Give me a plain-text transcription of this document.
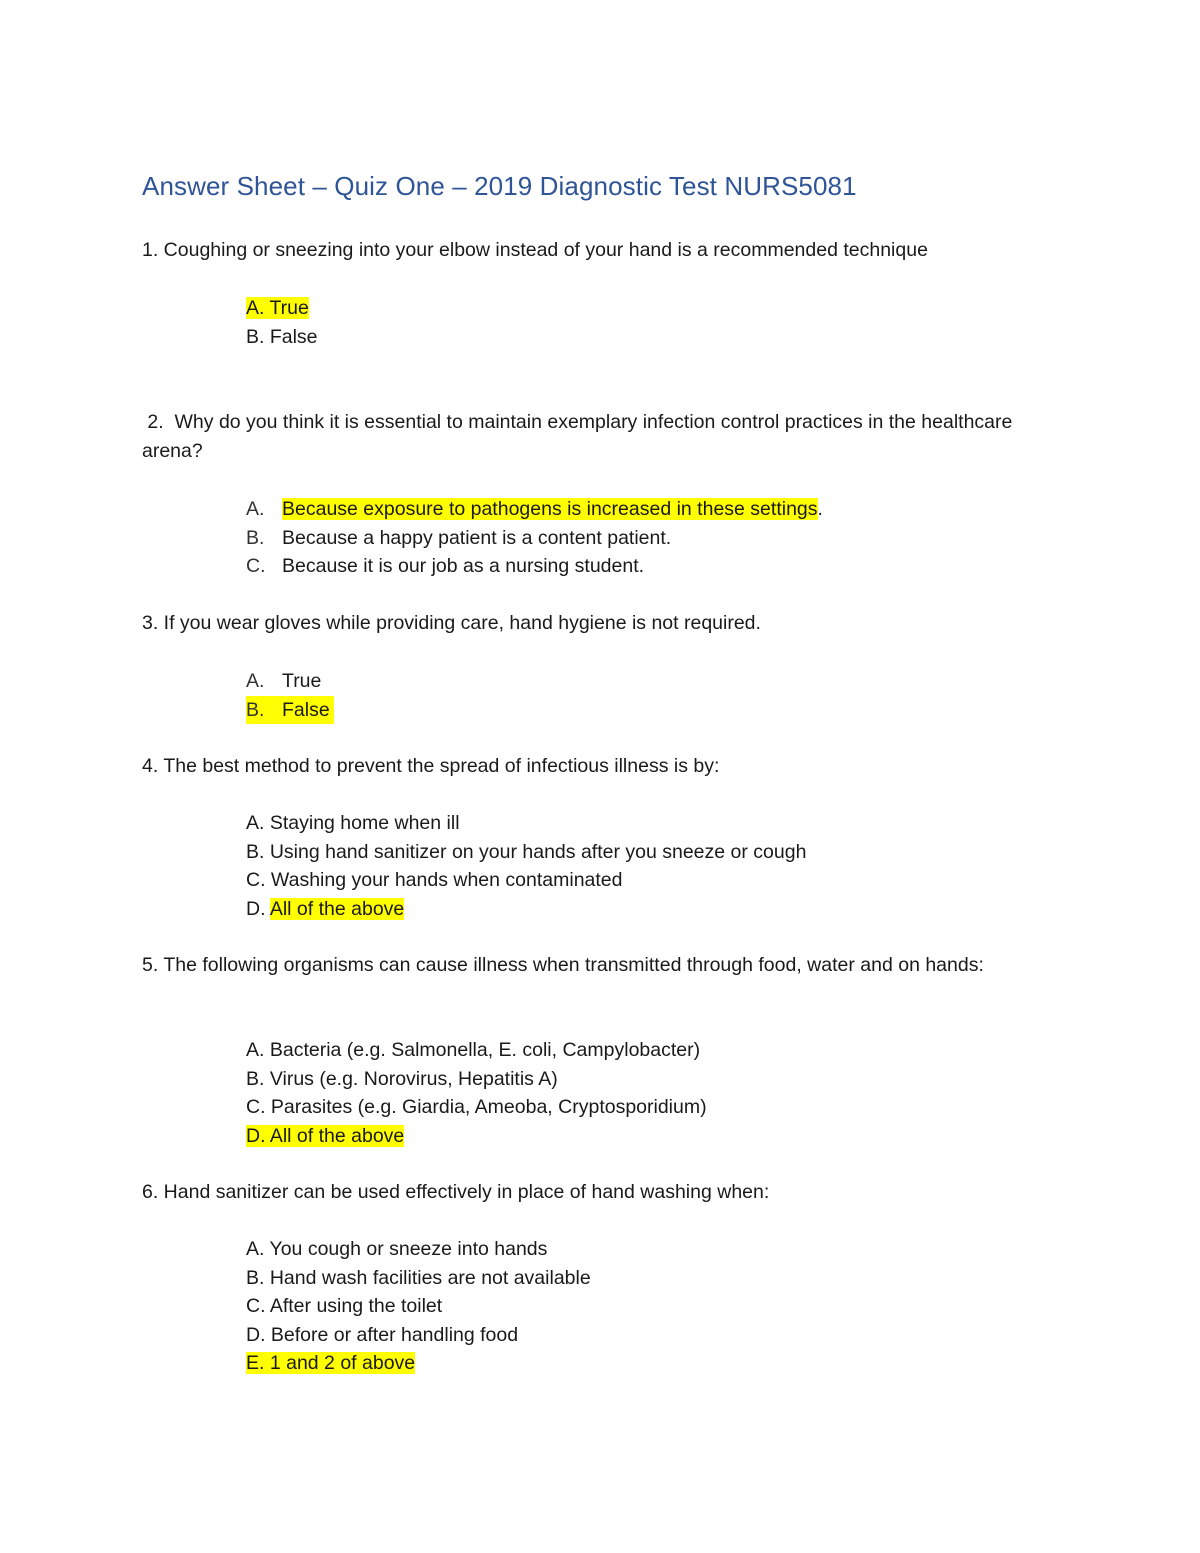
Answer Sheet – Quiz One – 2019 Diagnostic Test NURS5081

1. Coughing or sneezing into your elbow instead of your hand is a recommended technique

A. True
B. False

2.  Why do you think it is essential to maintain exemplary infection control practices in the healthcare arena?

A. Because exposure to pathogens is increased in these settings.
B. Because a happy patient is a content patient.
C. Because it is our job as a nursing student.

3. If you wear gloves while providing care, hand hygiene is not required.

A. True
B. False

4. The best method to prevent the spread of infectious illness is by:

A. Staying home when ill
B. Using hand sanitizer on your hands after you sneeze or cough
C. Washing your hands when contaminated
D. All of the above

5. The following organisms can cause illness when transmitted through food, water and on hands:

A. Bacteria (e.g. Salmonella, E. coli, Campylobacter)
B. Virus (e.g. Norovirus, Hepatitis A)
C. Parasites (e.g. Giardia, Ameoba, Cryptosporidium)
D. All of the above

6. Hand sanitizer can be used effectively in place of hand washing when:

A. You cough or sneeze into hands
B. Hand wash facilities are not available
C. After using the toilet
D. Before or after handling food
E. 1 and 2 of above
